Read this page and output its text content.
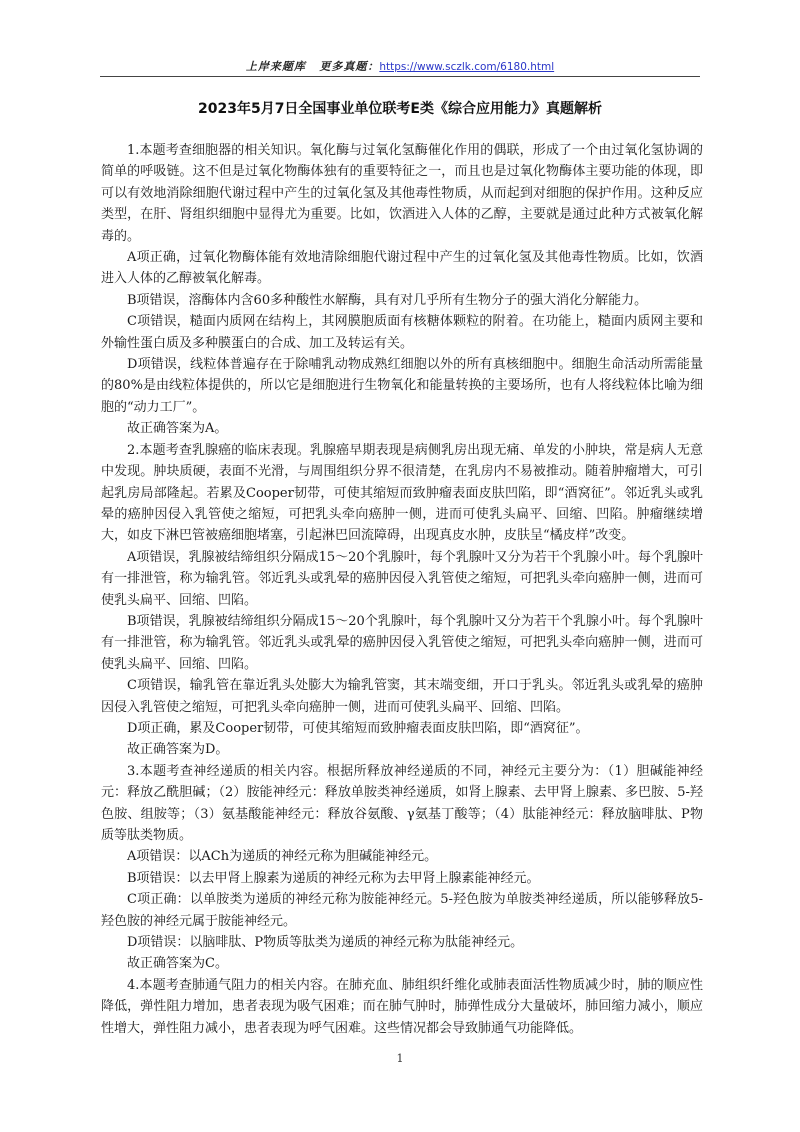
上岸来题库 更多真题：https://www.sczlk.com/6180.html
2023年5月7日全国事业单位联考E类《综合应用能力》真题解析

1.本题考查细胞器的相关知识。氧化酶与过氧化氢酶催化作用的偶联，形成了一个由过氧化氢协调的简单的呼吸链。这不但是过氧化物酶体独有的重要特征之一，而且也是过氧化物酶体主要功能的体现，即可以有效地消除细胞代谢过程中产生的过氧化氢及其他毒性物质，从而起到对细胞的保护作用。这种反应类型，在肝、肾组织细胞中显得尤为重要。比如，饮酒进入人体的乙醇，主要就是通过此种方式被氧化解毒的。

A项正确，过氧化物酶体能有效地清除细胞代谢过程中产生的过氧化氢及其他毒性物质。比如，饮酒进入人体的乙醇被氧化解毒。

B项错误，溶酶体内含60多种酸性水解酶，具有对几乎所有生物分子的强大消化分解能力。

C项错误，糙面内质网在结构上，其网膜胞质面有核糖体颗粒的附着。在功能上，糙面内质网主要和外输性蛋白质及多种膜蛋白的合成、加工及转运有关。

D项错误，线粒体普遍存在于除哺乳动物成熟红细胞以外的所有真核细胞中。细胞生命活动所需能量的80%是由线粒体提供的，所以它是细胞进行生物氧化和能量转换的主要场所，也有人将线粒体比喻为细胞的“动力工厂”。

故正确答案为A。

2.本题考查乳腺癌的临床表现。乳腺癌早期表现是病侧乳房出现无痛、单发的小肿块，常是病人无意中发现。肿块质硬，表面不光滑，与周围组织分界不很清楚，在乳房内不易被推动。随着肿瘤增大，可引起乳房局部隆起。若累及Cooper韧带，可使其缩短而致肿瘤表面皮肤凹陷，即“酒窝征”。邻近乳头或乳晕的癌肿因侵入乳管使之缩短，可把乳头牵向癌肿一侧，进而可使乳头扁平、回缩、凹陷。肿瘤继续增大，如皮下淋巴管被癌细胞堵塞，引起淋巴回流障碍，出现真皮水肿，皮肤呈“橘皮样”改变。

A项错误，乳腺被结缔组织分隔成15～20个乳腺叶，每个乳腺叶又分为若干个乳腺小叶。每个乳腺叶有一排泄管，称为输乳管。邻近乳头或乳晕的癌肿因侵入乳管使之缩短，可把乳头牵向癌肿一侧，进而可使乳头扁平、回缩、凹陷。

B项错误，乳腺被结缔组织分隔成15～20个乳腺叶，每个乳腺叶又分为若干个乳腺小叶。每个乳腺叶有一排泄管，称为输乳管。邻近乳头或乳晕的癌肿因侵入乳管使之缩短，可把乳头牵向癌肿一侧，进而可使乳头扁平、回缩、凹陷。

C项错误，输乳管在靠近乳头处膨大为输乳管窦，其末端变细，开口于乳头。邻近乳头或乳晕的癌肿因侵入乳管使之缩短，可把乳头牵向癌肿一侧，进而可使乳头扁平、回缩、凹陷。

D项正确，累及Cooper韧带，可使其缩短而致肿瘤表面皮肤凹陷，即“酒窝征”。

故正确答案为D。

3.本题考查神经递质的相关内容。根据所释放神经递质的不同，神经元主要分为：（1）胆碱能神经元：释放乙酰胆碱；（2）胺能神经元：释放单胺类神经递质，如肾上腺素、去甲肾上腺素、多巴胺、5-羟色胺、组胺等；（3）氨基酸能神经元：释放谷氨酸、γ氨基丁酸等；（4）肽能神经元：释放脑啡肽、P物质等肽类物质。

A项错误：以ACh为递质的神经元称为胆碱能神经元。

B项错误：以去甲肾上腺素为递质的神经元称为去甲肾上腺素能神经元。

C项正确：以单胺类为递质的神经元称为胺能神经元。5-羟色胺为单胺类神经递质，所以能够释放5-羟色胺的神经元属于胺能神经元。

D项错误：以脑啡肽、P物质等肽类为递质的神经元称为肽能神经元。

故正确答案为C。

4.本题考查肺通气阻力的相关内容。在肺充血、肺组织纤维化或肺表面活性物质减少时，肺的顺应性降低，弹性阻力增加，患者表现为吸气困难；而在肺气肿时，肺弹性成分大量破坏，肺回缩力减小，顺应性增大，弹性阻力减小，患者表现为呼气困难。这些情况都会导致肺通气功能降低。

1
